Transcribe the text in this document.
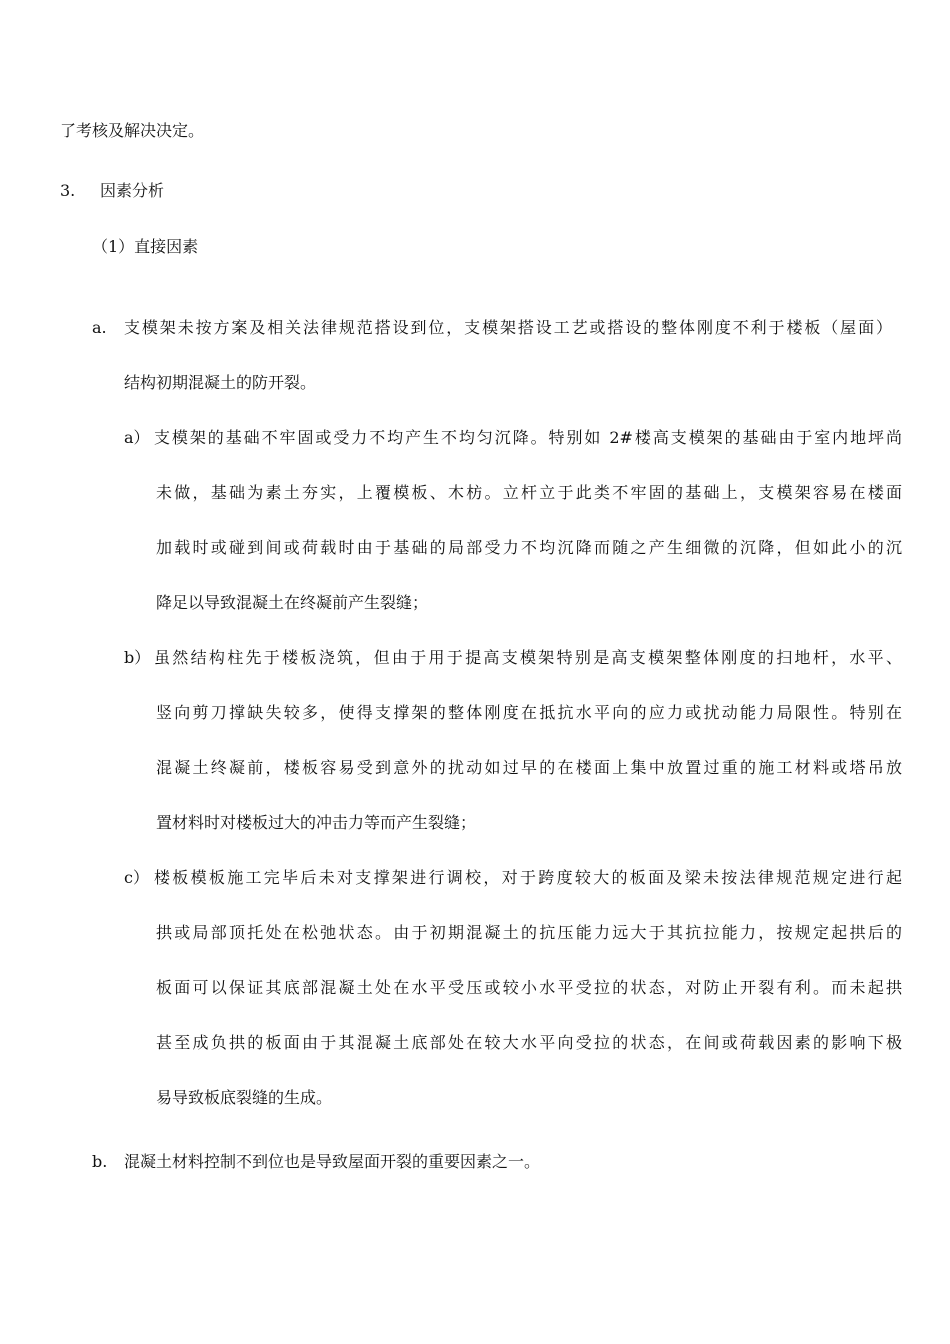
了考核及解决决定。
3. 因素分析
（1）直接因素
a. 支模架未按方案及相关法律规范搭设到位，支模架搭设工艺或搭设的整体刚度不利于楼板（屋面）
结构初期混凝土的防开裂。
a） 支模架的基础不牢固或受力不均产生不均匀沉降。特别如 2#楼高支模架的基础由于室内地坪尚
未做，基础为素土夯实，上覆模板、木枋。立杆立于此类不牢固的基础上，支模架容易在楼面
加载时或碰到间或荷载时由于基础的局部受力不均沉降而随之产生细微的沉降，但如此小的沉
降足以导致混凝土在终凝前产生裂缝；
b） 虽然结构柱先于楼板浇筑，但由于用于提高支模架特别是高支模架整体刚度的扫地杆，水平、
竖向剪刀撑缺失较多，使得支撑架的整体刚度在抵抗水平向的应力或扰动能力局限性。特别在
混凝土终凝前，楼板容易受到意外的扰动如过早的在楼面上集中放置过重的施工材料或塔吊放
置材料时对楼板过大的冲击力等而产生裂缝；
c） 楼板模板施工完毕后未对支撑架进行调校，对于跨度较大的板面及梁未按法律规范规定进行起
拱或局部顶托处在松弛状态。由于初期混凝土的抗压能力远大于其抗拉能力，按规定起拱后的
板面可以保证其底部混凝土处在水平受压或较小水平受拉的状态，对防止开裂有利。而未起拱
甚至成负拱的板面由于其混凝土底部处在较大水平向受拉的状态，在间或荷载因素的影响下极
易导致板底裂缝的生成。
b. 混凝土材料控制不到位也是导致屋面开裂的重要因素之一。
